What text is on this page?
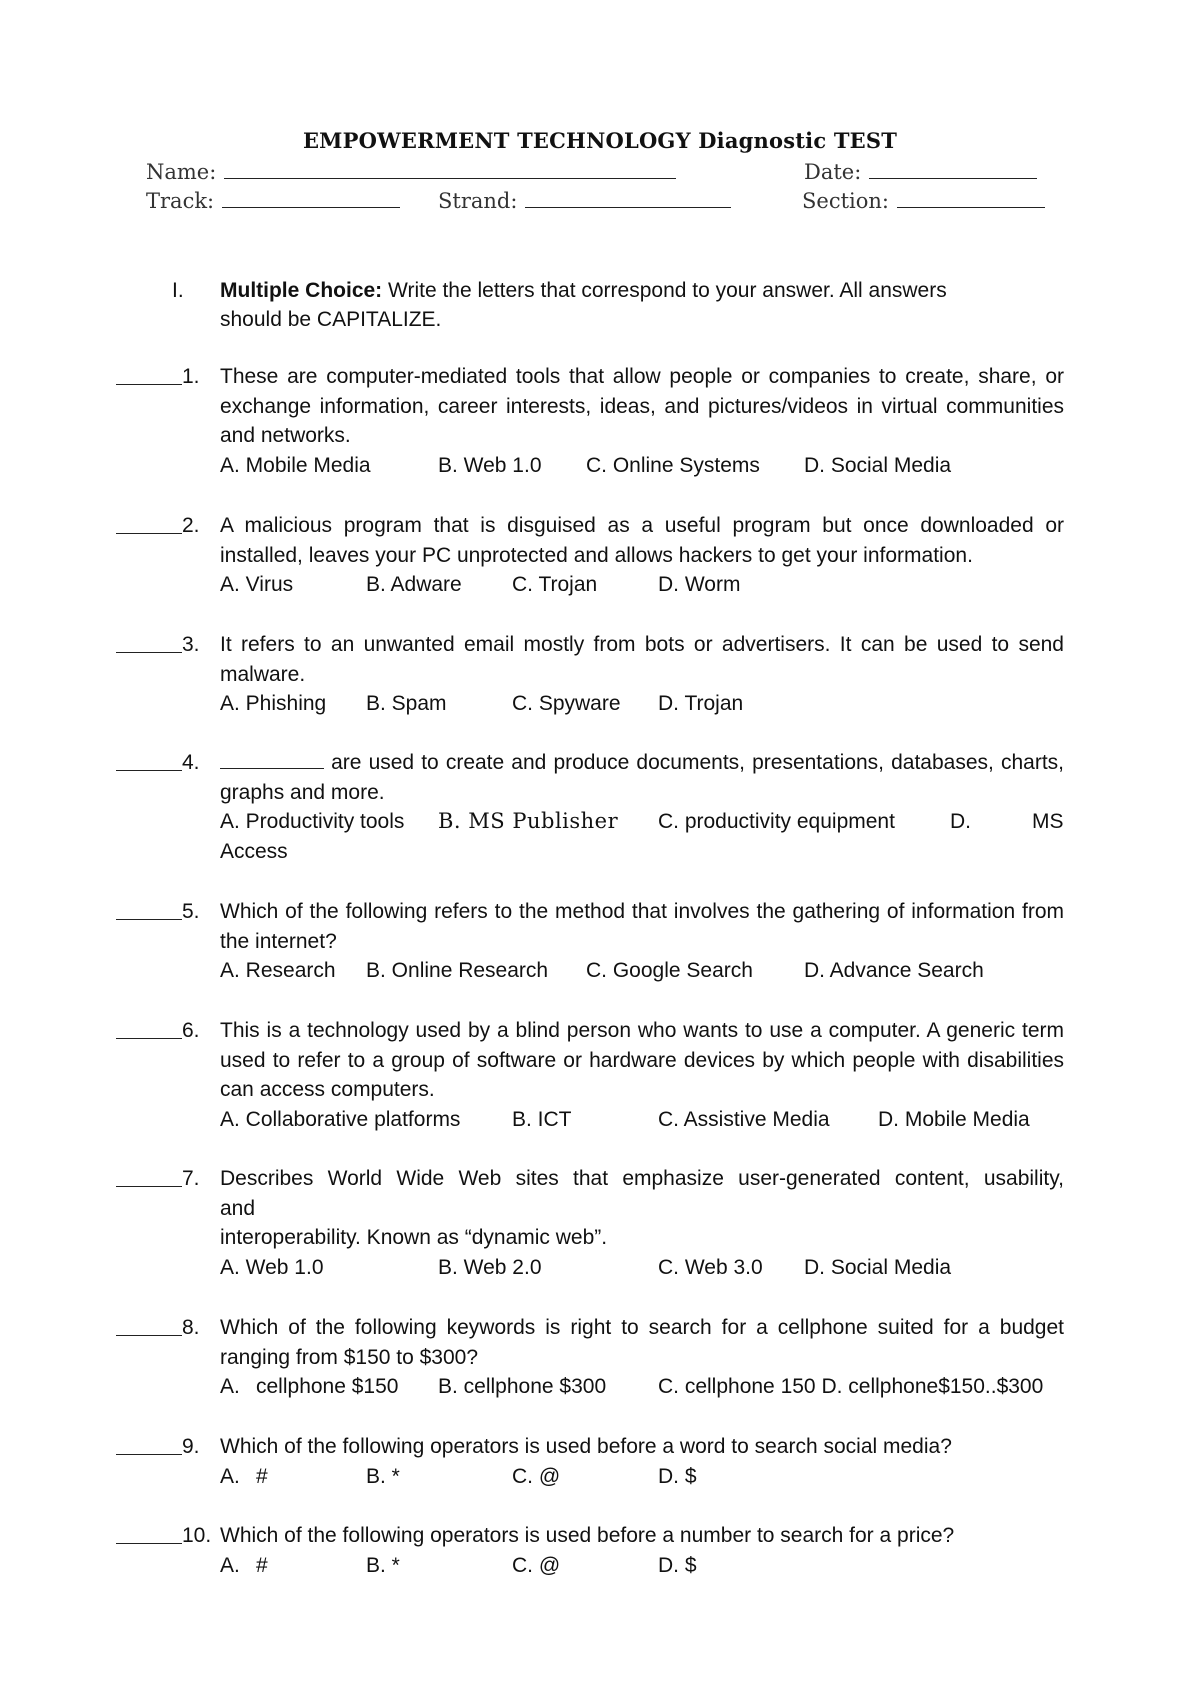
EMPOWERMENT TECHNOLOGY Diagnostic TEST
Name:	Date:
Track:	Strand:	Section:
I. Multiple Choice: Write the letters that correspond to your answer. All answers
should be CAPITALIZE.
1. These are computer-mediated tools that allow people or companies to create, share, or exchange information, career interests, ideas, and pictures/videos in virtual communities and networks.
A. Mobile Media	B. Web 1.0 C. Online Systems D. Social Media
2. A malicious program that is disguised as a useful program but once downloaded or installed, leaves your PC unprotected and allows hackers to get your information.
A. Virus	B. Adware C. Trojan	D. Worm
3. It refers to an unwanted email mostly from bots or advertisers. It can be used to send malware.
A. Phishing B. Spam	C. Spyware D. Trojan
4.	are used to create and produce documents, presentations, databases, charts, graphs and more.
A. Productivity tools B. MS Publisher C. productivity equipment	D.	MS
Access
5. Which of the following refers to the method that involves the gathering of information from the internet?
A. Research B. Online Research C. Google Search D. Advance Search
6. This is a technology used by a blind person who wants to use a computer. A generic term used to refer to a group of software or hardware devices by which people with disabilities can access computers.
A. Collaborative platforms B. ICT	C. Assistive Media D. Mobile Media
7. Describes World Wide Web sites that emphasize user-generated content, usability,
and
interoperability. Known as “dynamic web”.
A. Web 1.0	B. Web 2.0	C. Web 3.0 D. Social Media
8. Which of the following keywords is right to search for a cellphone suited for a budget ranging from $150 to $300?
A. cellphone $150 B. cellphone $300 C. cellphone 150 D. cellphone$150..$300
9. Which of the following operators is used before a word to search social media?
A. #	B. *	C. @	D. $
10. Which of the following operators is used before a number to search for a price?
A. #	B. *	C. @	D. $
